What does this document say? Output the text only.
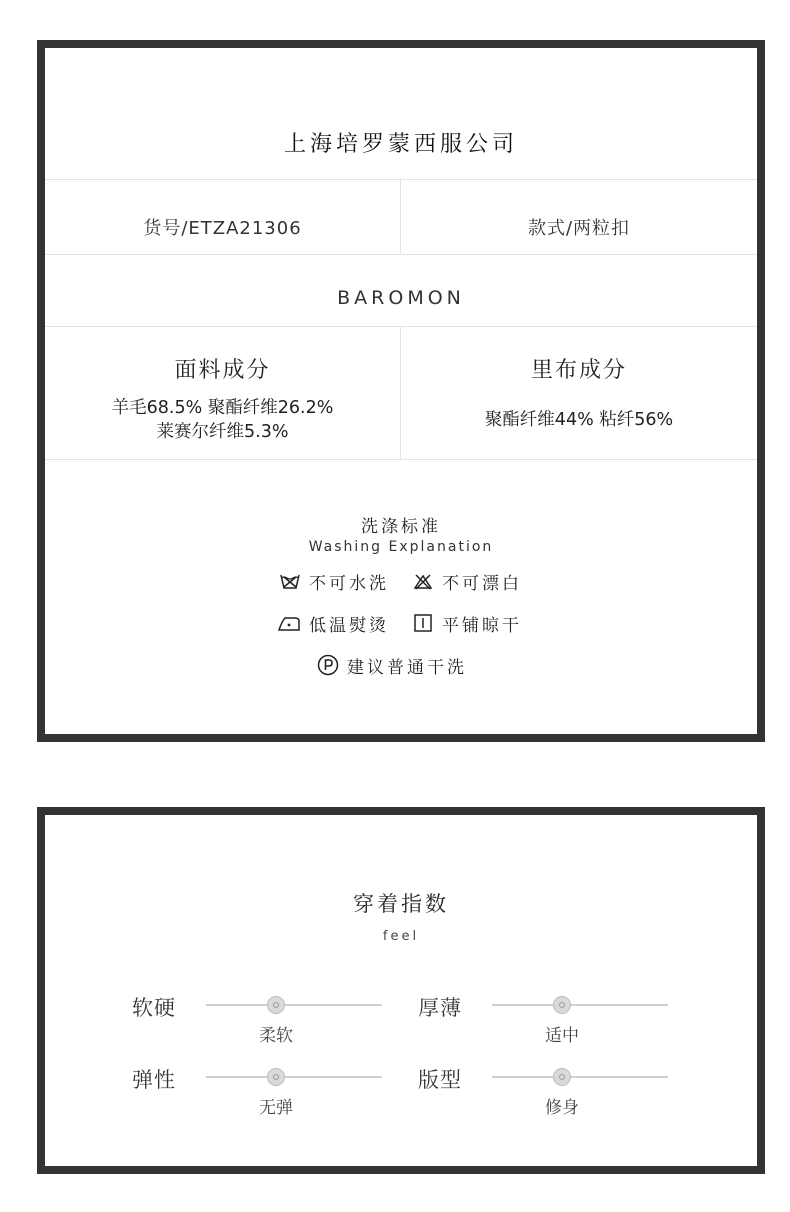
上海培罗蒙西服公司
货号/ETZA21306	款式/两粒扣
BAROMON
面料成分
羊毛68.5% 聚酯纤维26.2%
莱赛尔纤维5.3%
里布成分
聚酯纤维44% 粘纤56%
洗涤标准
Washing Explanation
不可水洗	不可漂白
低温熨烫	平铺晾干
建议普通干洗
穿着指数
feel
软硬
柔软
厚薄
适中
弹性
无弹
版型
修身
